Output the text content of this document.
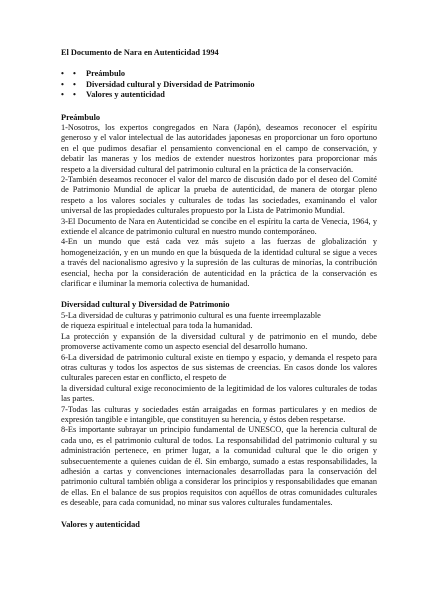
El Documento de Nara en Autenticidad 1994
•
•
Preámbulo
•
•
Diversidad cultural y Diversidad de Patrimonio
•
•
Valores y autenticidad
Preámbulo

1-Nosotros, los expertos congregados en Nara (Japón), deseamos reconocer el espíritu generoso y el valor intelectual de las autoridades japonesas en proporcionar un foro oportuno en el que pudimos desafiar el pensamiento convencional en el campo de conservación, y debatir las maneras y los medios de extender nuestros horizontes para proporcionar más respeto a la diversidad cultural del patrimonio cultural en la práctica de la conservación.

2-También deseamos reconocer el valor del marco de discusión dado por el deseo del Comité de Patrimonio Mundial de aplicar la prueba de autenticidad, de manera de otorgar pleno respeto a los valores sociales y culturales de todas las sociedades, examinando el valor universal de las propiedades culturales propuesto por la Lista de Patrimonio Mundial.

3-El Documento de Nara en Autenticidad se concibe en el espíritu la carta de Venecia, 1964, y extiende el alcance de patrimonio cultural en nuestro mundo contemporáneo.

4-En un mundo que está cada vez más sujeto a las fuerzas de globalización y homogeneización, y en un mundo en que la búsqueda de la identidad cultural se sigue a veces a través del nacionalismo agresivo y la supresión de las culturas de minorías, la contribución esencial, hecha por la consideración de autenticidad en la práctica de la conservación es clarificar e iluminar la memoria colectiva de humanidad.

Diversidad cultural y Diversidad de Patrimonio

5-La diversidad de culturas y patrimonio cultural es una fuente irreemplazable

de riqueza espiritual e intelectual para toda la humanidad.

La protección y expansión de la diversidad cultural y de patrimonio en el mundo, debe promoverse activamente como un aspecto esencial del desarrollo humano.

6-La diversidad de patrimonio cultural existe en tiempo y espacio, y demanda el respeto para otras culturas y todos los aspectos de sus sistemas de creencias. En casos donde los valores culturales parecen estar en conflicto, el respeto de

la diversidad cultural exige reconocimiento de la legitimidad de los valores culturales de todas las partes.

7-Todas las culturas y sociedades están arraigadas en formas particulares y en medios de expresión tangible e intangible, que constituyen su herencia, y éstos deben respetarse.

8-Es importante subrayar un principio fundamental de UNESCO, que la herencia cultural de cada uno, es el patrimonio cultural de todos. La responsabilidad del patrimonio cultural y su administración pertenece, en primer lugar, a la comunidad cultural que le dio origen y subsecuentemente a quienes cuidan de él. Sin embargo, sumado a estas responsabilidades, la adhesión a cartas y convenciones internacionales desarrolladas para la conservación del patrimonio cultural también obliga a considerar los principios y responsabilidades que emanan de ellas. En el balance de sus propios requisitos con aquéllos de otras comunidades culturales es deseable, para cada comunidad, no minar sus valores culturales fundamentales.

Valores y autenticidad
